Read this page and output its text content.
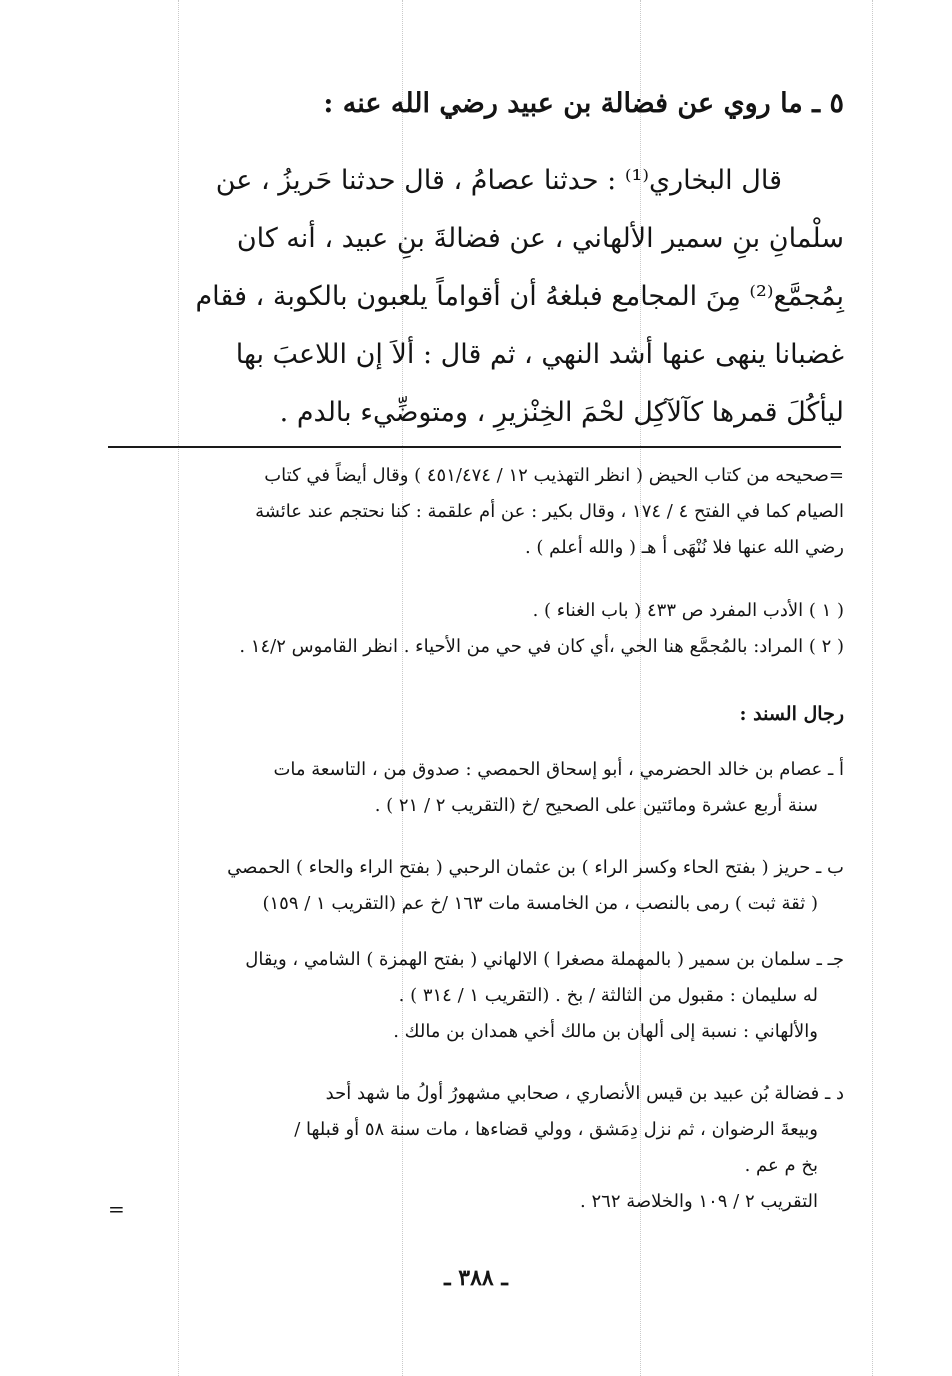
٥ ـ ما روي عن فضالة بن عبيد رضي الله عنه :
قال البخاري⁽¹⁾ : حدثنا عصامُ ، قال حدثنا حَريزُ ، عن
سلْمانِ بنِ سمير الألهاني ، عن فضالةَ بنِ عبيد ، أنه كان
بِمُجمَّع⁽²⁾ مِنَ المجامع فبلغهُ أن أقواماً يلعبون بالكوبة ، فقام
غضبانا ينهى عنها أشد النهي ، ثم قال : ألاَ إن اللاعبَ بها
ليأكُلَ قمرها كآلآكِل لحْمَ الخِنْزيرِ ، ومتوضِّيء بالدم .
=صحيحه من كتاب الحيض ( انظر التهذيب ١٢ / ٤٥١/٤٧٤ ) وقال أيضاً في كتاب
الصيام كما في الفتح ٤ / ١٧٤ ، وقال بكير : عن أم علقمة : كنا نحتجم عند عائشة
رضي الله عنها فلا نُنْهَى أ هـ ( والله أعلم ) .
( ١ ) الأدب المفرد ص ٤٣٣ ( باب الغناء ) .
( ٢ ) المراد: بالمُجمَّع هنا الحي ،أي كان في حي من الأحياء . انظر القاموس ١٤/٢ .
رجال السند :
أ ـ عصام بن خالد الحضرمي ، أبو إسحاق الحمصي : صدوق من ، التاسعة مات
سنة أربع عشرة ومائتين على الصحيح /خ (التقريب ٢ / ٢١ ) .
ب ـ حريز ( بفتح الحاء وكسر الراء ) بن عثمان الرحبي ( بفتح الراء والحاء ) الحمصي
( ثقة ثبت ) رمى بالنصب ، من الخامسة مات ١٦٣ /خ عم (التقريب ١ / ١٥٩)
جـ ـ سلمان بن سمير ( بالمهملة مصغرا ) الالهاني ( بفتح الهمزة ) الشامي ، ويقال
له سليمان : مقبول من الثالثة / بخ . (التقريب ١ / ٣١٤ ) .
والألهاني : نسبة إلى ألهان بن مالك أخي همدان بن مالك .
د ـ فضالة بُن عبيد بن قيس الأنصاري ، صحابي مشهورُ أولُ ما شهد أحد
وبيعةَ الرضوان ، ثم نزل دِمَشق ، وولي قضاءها ، مات سنة ٥٨ أو قبلها /
بخ م عم .
التقريب ٢ / ١٠٩ والخلاصة ٢٦٢ .
=
ـ ٣٨٨ ـ
